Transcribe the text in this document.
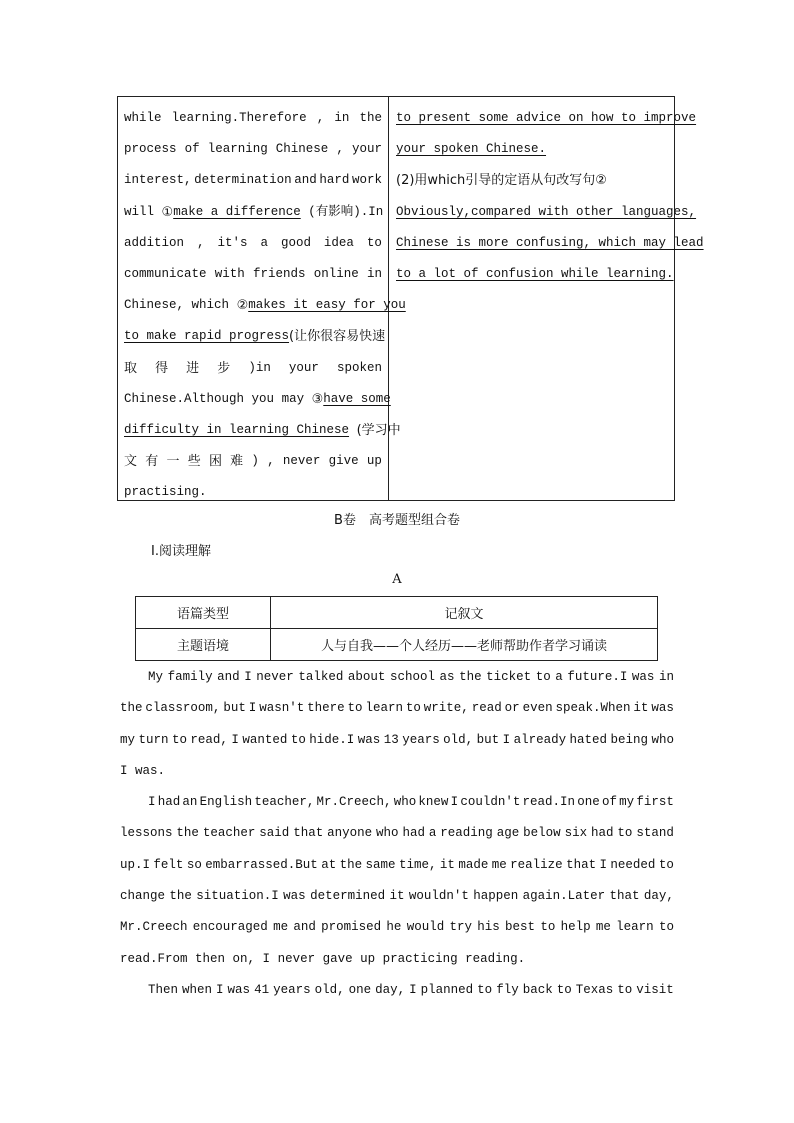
while learning.Therefore , in the
process of learning Chinese , your
interest, determination and hard work
will
① make a difference
(有影响).In
addition , it's a good idea to
communicate with friends online in
Chinese,
which
② makes it easy for you
to make rapid progress (让你很容易快速
取 得 进 步 )in your spoken
Chinese.Although
you
may
③ have some
difficulty in learning Chinese
(学习中
文 有 一 些 困 难 ) , never give up
practising.
to present some advice on how to improve
your spoken Chinese.
(2)用which引导的定语从句改写句②
Obviously,compared with other languages,
Chinese is more confusing, which may lead
to a lot of confusion while learning.
B卷　高考题型组合卷
Ⅰ.阅读理解
A
语篇类型	记叙文
主题语境	人与自我——个人经历——老师帮助作者学习诵读
My family and I never talked about school as the ticket to a future.I was in
the classroom, but I wasn't there to learn to write, read or even speak.When it was
my turn to read, I wanted to hide.I was 13 years old, but I already hated being who
I was.
I had an English teacher, Mr.Creech, who knew I couldn't read.In one of my first
lessons the teacher said that anyone who had a reading age below six had to stand
up.I felt so embarrassed.But at the same time, it made me realize that I needed to
change the situation.I was determined it wouldn't happen again.Later that day,
Mr.Creech encouraged me and promised he would try his best to help me learn to
read.From then on, I never gave up practicing reading.
Then when I was 41 years old, one day, I planned to fly back to Texas to visit
